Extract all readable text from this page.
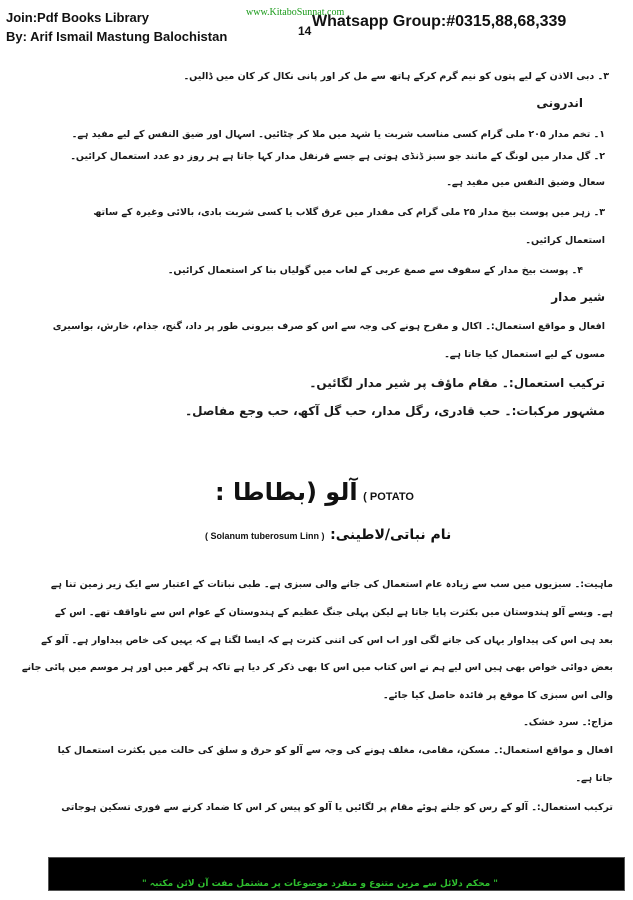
Join:Pdf Books Library
By: Arif Ismail Mastung Balochistan
www.KitaboSunnat.com
14
Whatsapp Group:#0315,88,68,339
۳۔ دبی الاذن کے لیے پتوں کو نیم گرم کرکے ہاتھ سے مل کر اور پانی نکال کر کان میں ڈالیں۔
اندرونی
۱۔ تخم مدار ۲۰۵ ملی گرام کسی مناسب شربت یا شہد میں ملا کر چٹائیں۔ اسہال اور ضیق النفس کے لیے مفید ہے۔
۲۔ گل مدار میں لونگ کے مانند جو سبز ڈنڈی ہوتی ہے جسے قرنفل مدار کہا جاتا ہے ہر روز دو عدد استعمال کرائیں۔
سعال وضیق النفس میں مفید ہے۔
۳۔ زہر میں پوست بیخ مدار ۲۵ ملی گرام کی مقدار میں عرق گلاب یا کسی شربت بادی، بالائی وغیرہ کے ساتھ
استعمال کرائیں۔
۴۔ پوست بیخ مدار کے سفوف سے صمغ عربی کے لعاب میں گولیاں بنا کر استعمال کرائیں۔
شیر مدار
افعال و مواقع استعمال:۔ اکال و مقرح ہونے کی وجہ سے اس کو صرف بیرونی طور پر داد، گنج، جذام، خارش، بواسیری
مسوں کے لیے استعمال کیا جاتا ہے۔
ترکیب استعمال:۔ مقام ماؤف پر شیر مدار لگائیں۔
مشہور مرکبات:۔ حب قادری، رگل مدار، حب گل آکھ، حب وجع مفاصل۔
POTATO ) آلو (بطاطا :
نام نباتی/لاطینی: ( Solanum tuberosum Linn )
ماہیت:۔ سبزیوں میں سب سے زیادہ عام استعمال کی جانے والی سبزی ہے۔ طبی نباتات کے اعتبار سے ایک زیر زمین تنا ہے
ہے۔ ویسے آلو ہندوستان میں بکثرت پایا جاتا ہے لیکن پہلی جنگ عظیم کے ہندوستان کے عوام اس سے ناواقف تھے۔ اس کے
بعد ہی اس کی پیداوار یہاں کی جانے لگی اور اب اس کی اتنی کثرت ہے کہ ایسا لگتا ہے کہ یہیں کی خاص پیداوار ہے۔ آلو کے
بعض دوائی خواص بھی ہیں اس لیے ہم نے اس کتاب میں اس کا بھی ذکر کر دیا ہے تاکہ ہر گھر میں اور ہر موسم میں پائی جانے
والی اس سبزی کا موقع پر فائدہ حاصل کیا جائے۔
مزاج:۔ سرد خشک۔
افعال و مواقع استعمال:۔ مسکن، مقامی، مغلف ہونے کی وجہ سے آلو کو حرق و سلق کی حالت میں بکثرت استعمال کیا
جاتا ہے۔
ترکیب استعمال:۔ آلو کے رس کو جلنے ہوئے مقام پر لگائیں یا آلو کو پیس کر اس کا ضماد کرنے سے فوری تسکین ہوجاتی
" محکم دلائل سے مزین متنوع و منفرد موضوعات پر مشتمل مفت آن لائن مکتبہ "
